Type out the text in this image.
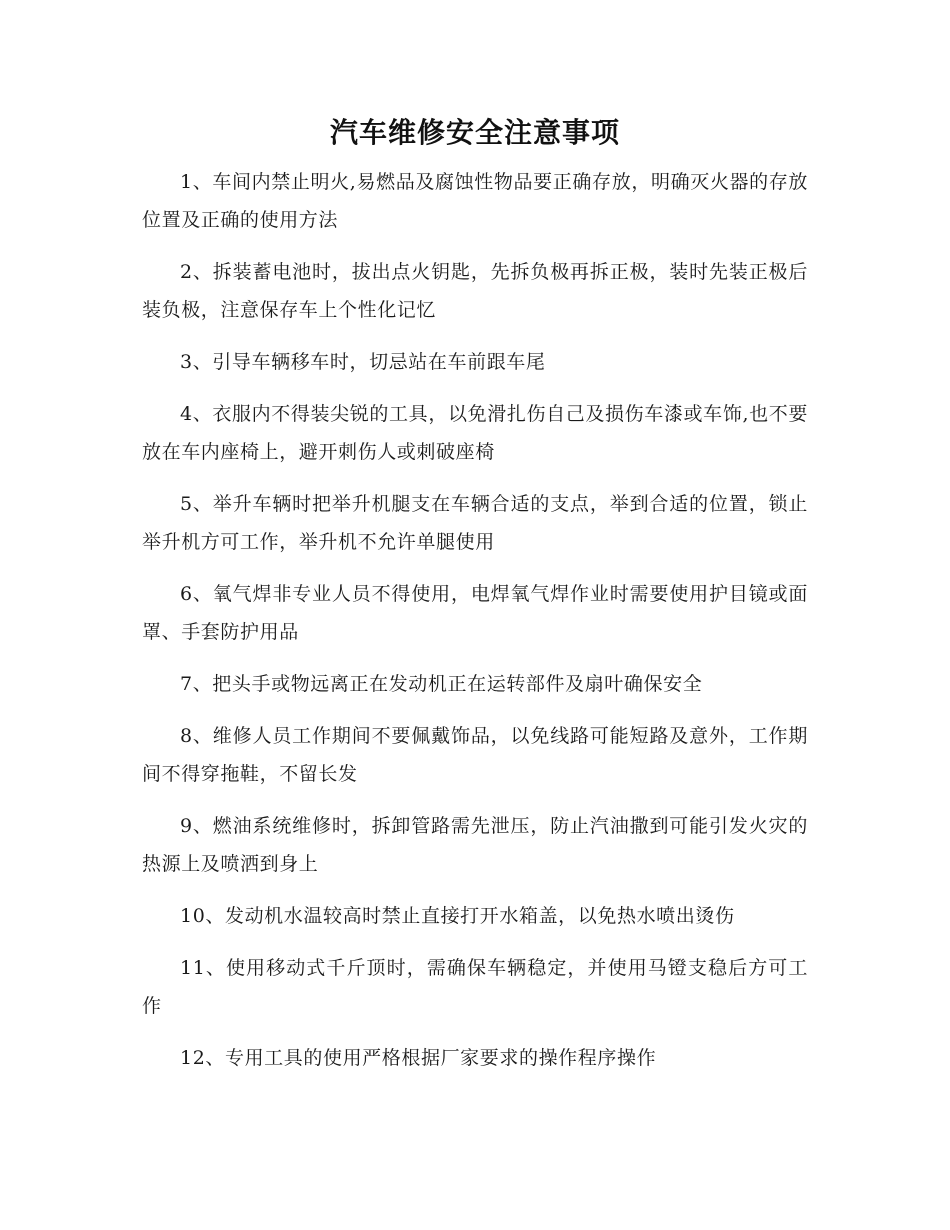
汽车维修安全注意事项

1、车间内禁止明火,易燃品及腐蚀性物品要正确存放，明确灭火器的存放位置及正确的使用方法

2、拆装蓄电池时，拔出点火钥匙，先拆负极再拆正极，装时先装正极后装负极，注意保存车上个性化记忆

3、引导车辆移车时，切忌站在车前跟车尾

4、衣服内不得装尖锐的工具，以免滑扎伤自己及损伤车漆或车饰,也不要放在车内座椅上，避开刺伤人或刺破座椅

5、举升车辆时把举升机腿支在车辆合适的支点，举到合适的位置，锁止举升机方可工作，举升机不允许单腿使用

6、氧气焊非专业人员不得使用，电焊氧气焊作业时需要使用护目镜或面罩、手套防护用品

7、把头手或物远离正在发动机正在运转部件及扇叶确保安全

8、维修人员工作期间不要佩戴饰品，以免线路可能短路及意外，工作期间不得穿拖鞋，不留长发

9、燃油系统维修时，拆卸管路需先泄压，防止汽油撒到可能引发火灾的热源上及喷洒到身上

10、发动机水温较高时禁止直接打开水箱盖，以免热水喷出烫伤

11、使用移动式千斤顶时，需确保车辆稳定，并使用马镫支稳后方可工作

12、专用工具的使用严格根据厂家要求的操作程序操作
